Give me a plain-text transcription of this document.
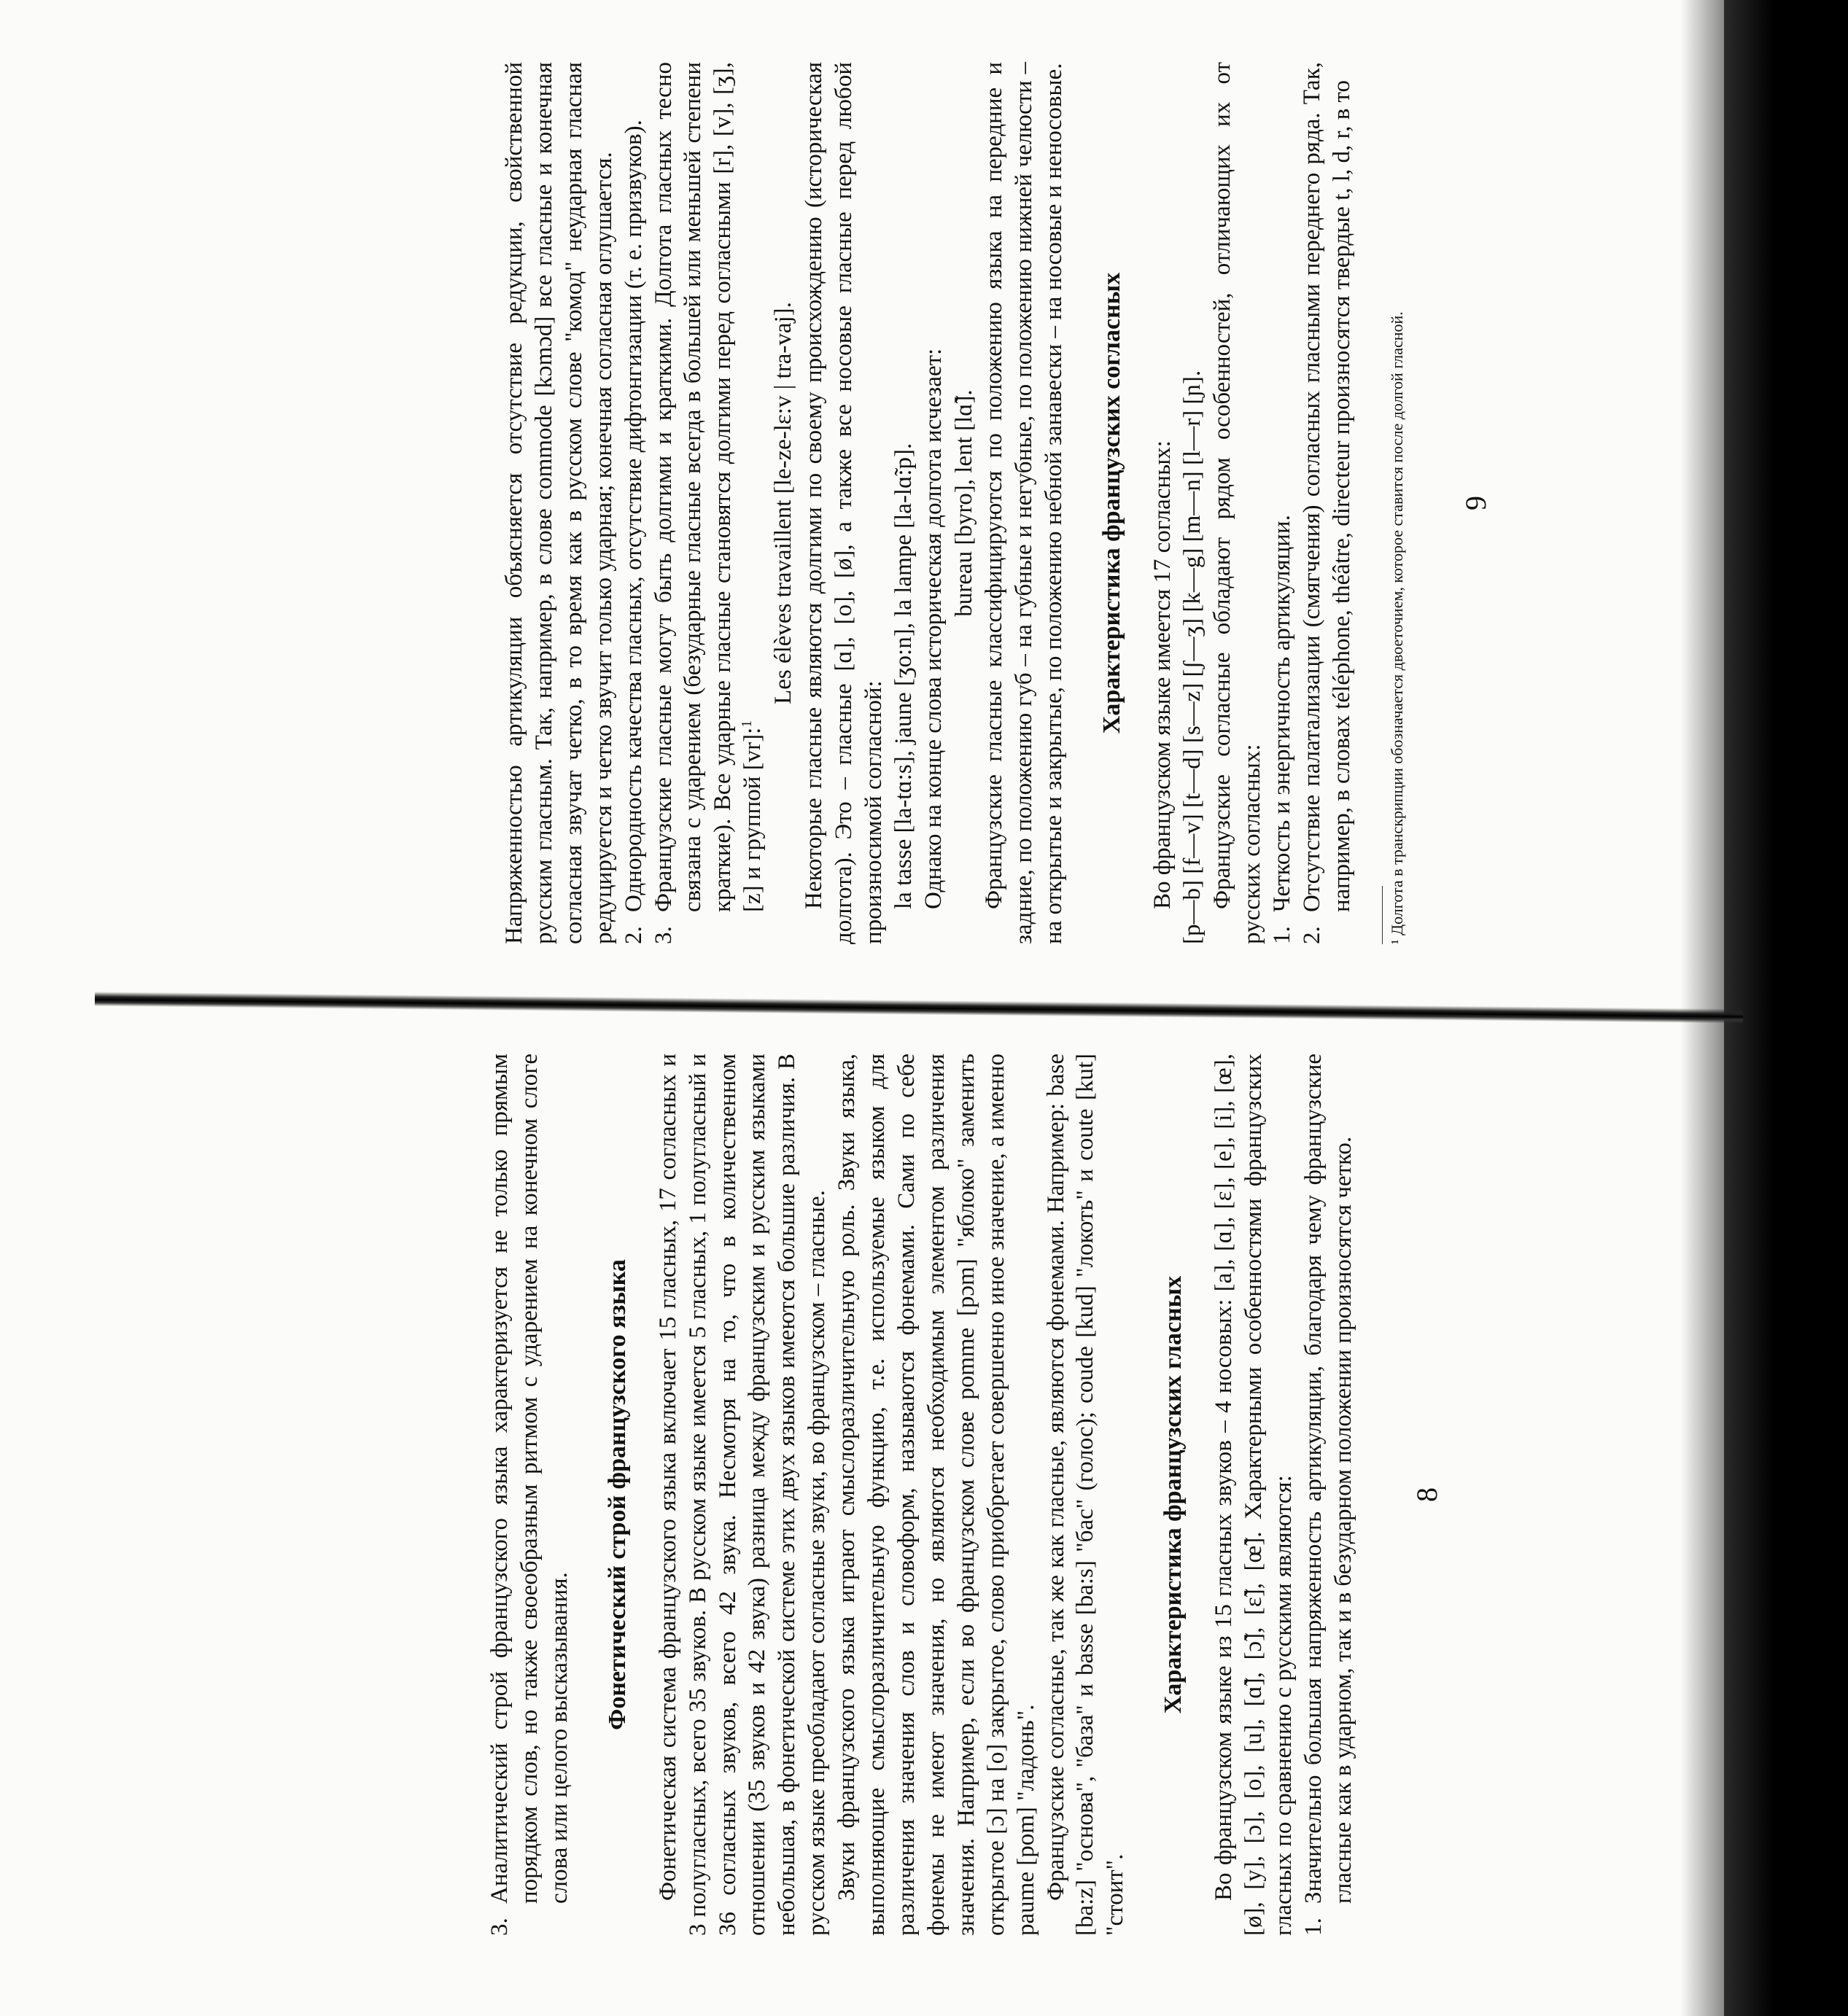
Напряженностью артикуляции объясняется отсутствие редукции, свойственной русским гласным. Так, например, в слове commode [kɔmɔd] все гласные и конечная согласная звучат четко, в то время как в русском слове "комод" неударная гласная редуцируется и четко звучит только ударная; конечная согласная оглушается. 2.
Однородность качества гласных, отсутствие дифтонгизации (т. е. призвуков).
3.
Французские гласные могут быть долгими и краткими. Долгота гласных тесно связана с ударением (безударные гласные всегда в большей или меньшей степени краткие). Все ударные гласные становятся долгими перед согласными [r], [v], [ʒ], [z] и группой [vr]:$^1$
Les élèves travaillent [le-ze-lɛ:v | tra-vaj]. Некоторые гласные являются долгими по своему происхождению (историческая долгота). Это – гласные [ɑ], [o], [ø], а также все носовые гласные перед любой произносимой согласной: la tasse [la-tɑ:s], jaune [ʒo:n], la lampe [la-lɑ̃:p]. Однако на конце слова историческая долгота исчезает: bureau [byro], lent [lɑ̃]. Французские гласные классифицируются по положению языка на передние и задние, по положению губ – на губные и негубные, по положению нижней челюсти – на открытые и закрытые, по положению небной занавески – на носовые и неносовые. Характеристика французских согласных Во французском языке имеется 17 согласных: [p—b] [f—v] [t—d] [s—z] [ʃ—ʒ] [k—g] [m—n] [l—r] [ɲ]. Французские согласные обладают рядом особенностей, отличающих их от русских согласных: 1.
Четкость и энергичность артикуляции.
2.
Отсутствие палатализации (смягчения) согласных гласными переднего ряда. Так, например, в словах téléphone, théâtre, directeur произносятся твердые t, l, d, r, в то ¹ Долгота в транскрипции обозначается двоеточием, которое ставится после долгой гласной. 9
3.
Аналитический строй французского языка характеризуется не только прямым порядком слов, но также своеобразным ритмом с ударением на конечном слоге слова или целого высказывания.
Фонетический строй французского языка Фонетическая система французского языка включает 15 гласных, 17 согласных и 3 полугласных, всего 35 звуков. В русском языке имеется 5 гласных, 1 полугласный и 36 согласных звуков, всего 42 звука. Несмотря на то, что в количественном отношении (35 звуков и 42 звука) разница между французским и русским языками небольшая, в фонетической системе этих двух языков имеются большие различия. В русском языке преобладают согласные звуки, во французском – гласные. Звуки французского языка играют смыслоразличительную роль. Звуки языка, выполняющие смыслоразличительную функцию, т.е. используемые языком для различения значения слов и словоформ, называются фонемами. Сами по себе фонемы не имеют значения, но являются необходимым элементом различения значения. Например, если во французском слове pomme [pɔm] "яблоко" заменить открытое [ɔ] на [o] закрытое, слово приобретает совершенно иное значение, а именно paume [pom] "ладонь". Французские согласные, так же как гласные, являются фонемами. Например: base [ba:z] "основа", "база" и basse [ba:s] "бас" (голос); coude [kud] "локоть" и coute [kut] "стоит".

Характеристика французских гласных Во французском языке из 15 гласных звуков – 4 носовых: [a], [ɑ], [ɛ], [e], [i], [œ], [ø], [y], [ɔ], [o], [u], [ɑ̃], [ɔ̃], [ɛ̃], [œ̃]. Характерными особенностями французских гласных по сравнению с русскими являются: 1.
Значительно большая напряженность артикуляции, благодаря чему французские гласные как в ударном, так и в безударном положении произносятся четко. 8
